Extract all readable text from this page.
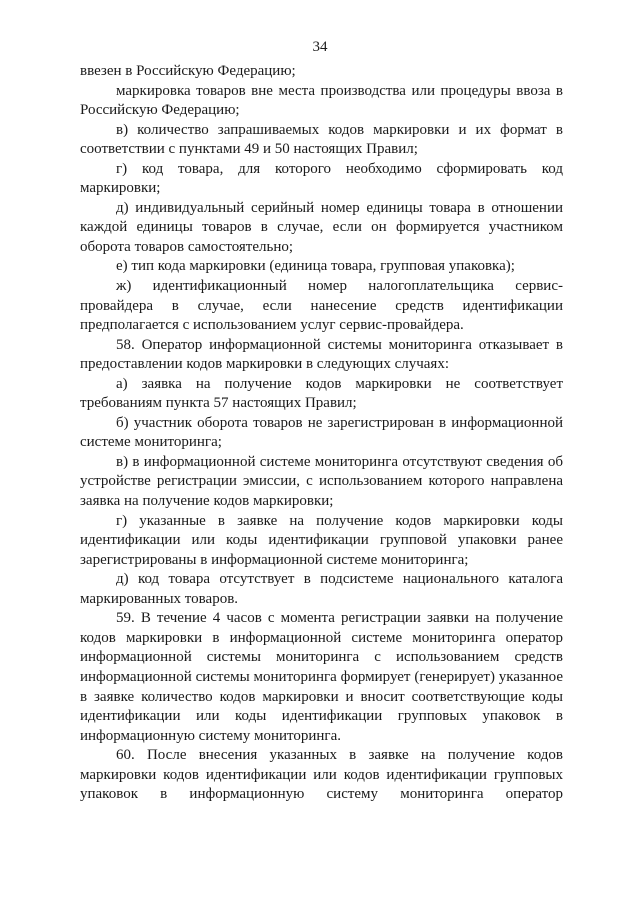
34

ввезен в Российскую Федерацию;

маркировка товаров вне места производства или процедуры ввоза в Российскую Федерацию;

в) количество запрашиваемых кодов маркировки и их формат в соответствии с пунктами 49 и 50 настоящих Правил;

г) код товара, для которого необходимо сформировать код маркировки;

д) индивидуальный серийный номер единицы товара в отношении каждой единицы товаров в случае, если он формируется участником оборота товаров самостоятельно;

е) тип кода маркировки (единица товара, групповая упаковка);

ж) идентификационный номер налогоплательщика сервис-провайдера в случае, если нанесение средств идентификации предполагается с использованием услуг сервис-провайдера.

58. Оператор информационной системы мониторинга отказывает в предоставлении кодов маркировки в следующих случаях:

а) заявка на получение кодов маркировки не соответствует требованиям пункта 57 настоящих Правил;

б) участник оборота товаров не зарегистрирован в информационной системе мониторинга;

в) в информационной системе мониторинга отсутствуют сведения об устройстве регистрации эмиссии, с использованием которого направлена заявка на получение кодов маркировки;

г) указанные в заявке на получение кодов маркировки коды идентификации или коды идентификации групповой упаковки ранее зарегистрированы в информационной системе мониторинга;

д) код товара отсутствует в подсистеме национального каталога маркированных товаров.

59. В течение 4 часов с момента регистрации заявки на получение кодов маркировки в информационной системе мониторинга оператор информационной системы мониторинга с использованием средств информационной системы мониторинга формирует (генерирует) указанное в заявке количество кодов маркировки и вносит соответствующие коды идентификации или коды идентификации групповых упаковок в информационную систему мониторинга.

60. После внесения указанных в заявке на получение кодов маркировки кодов идентификации или кодов идентификации групповых упаковок в информационную систему мониторинга оператор
